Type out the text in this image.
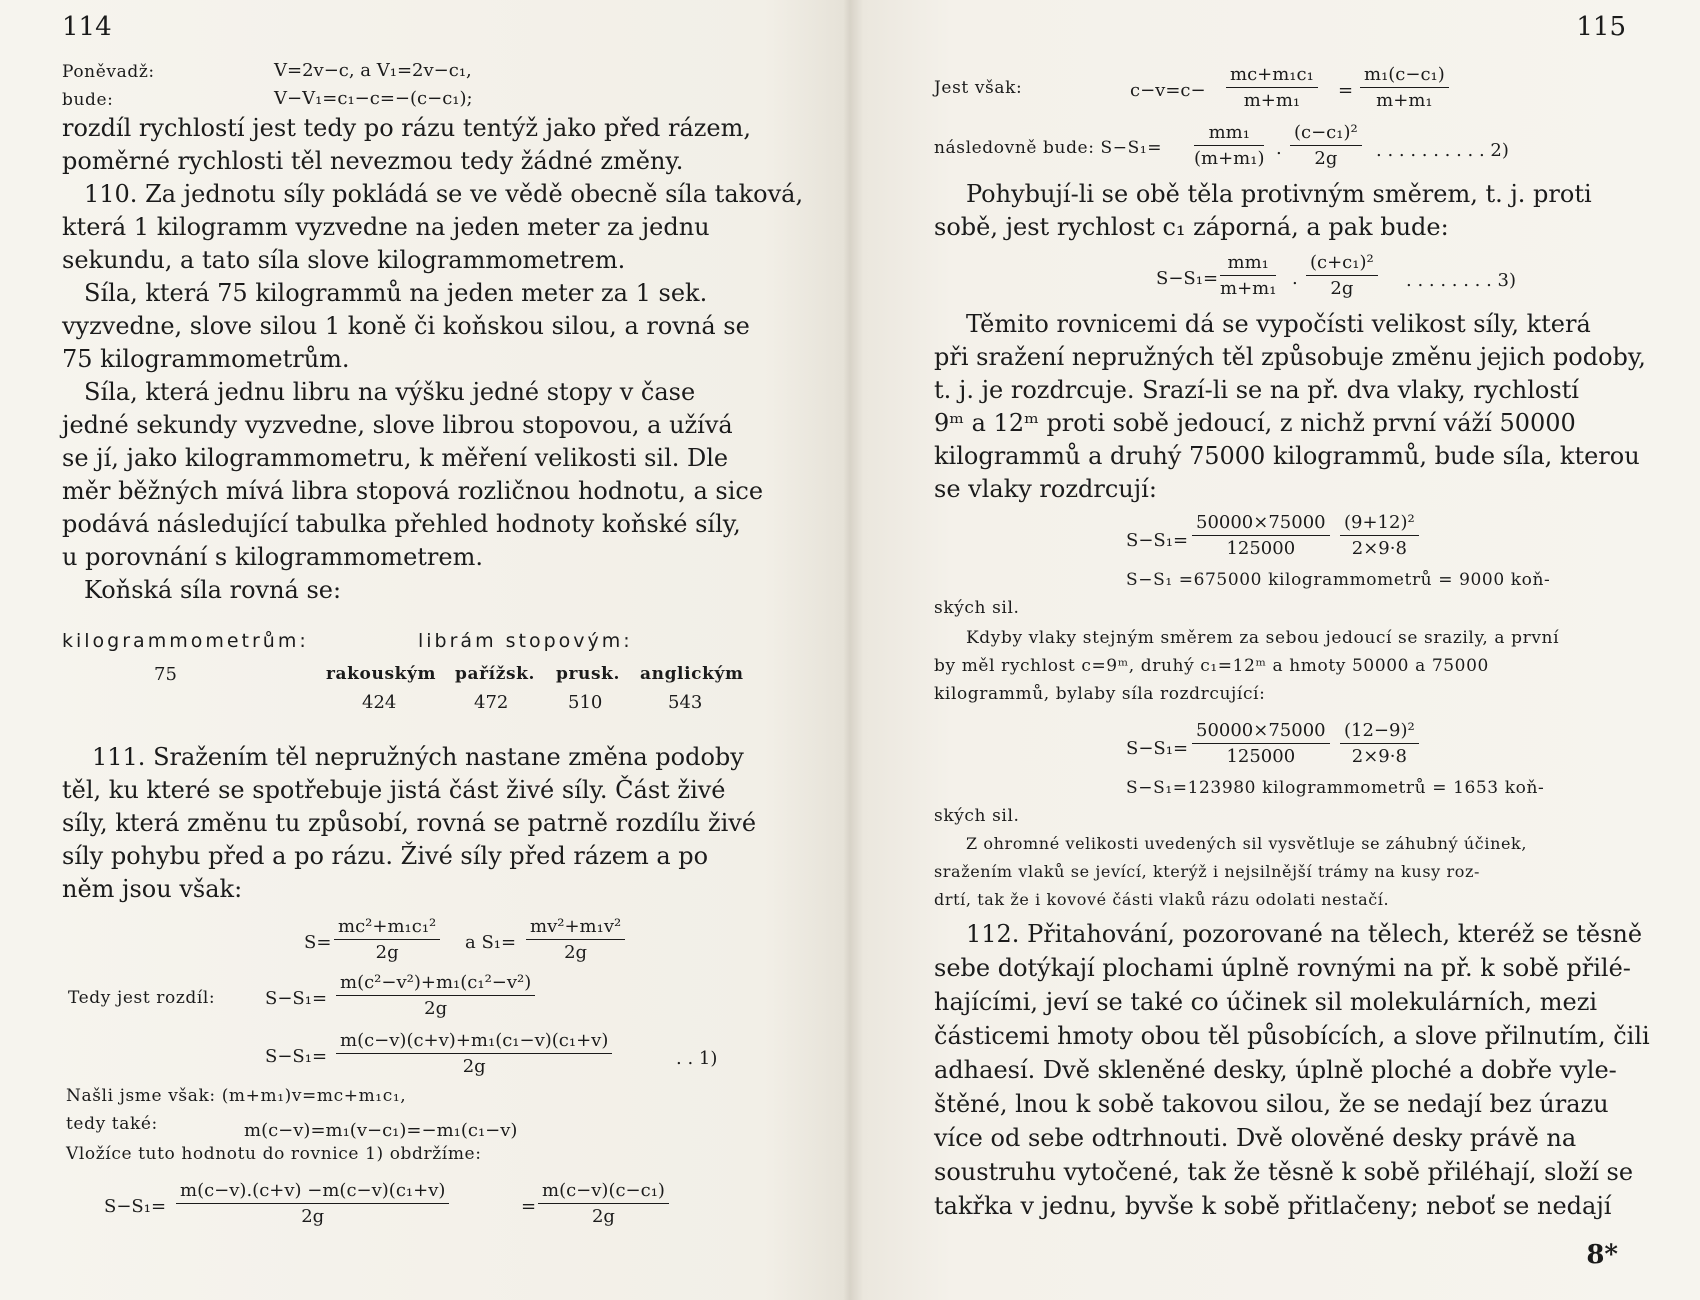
114
Poněvadž:	V=2v−c, a V₁=2v−c₁,
bude:	V−V₁=c₁−c=−(c−c₁);
rozdíl rychlostí jest tedy po rázu tentýž jako před rázem,
poměrné rychlosti těl nevezmou tedy žádné změny.
110. Za jednotu síly pokládá se ve vědě obecně síla taková,
která 1 kilogramm vyzvedne na jeden meter za jednu
sekundu, a tato síla slove kilogrammometrem.
Síla, která 75 kilogrammů na jeden meter za 1 sek.
vyzvedne, slove silou 1 koně či koňskou silou, a rovná se
75 kilogrammometrům.
Síla, která jednu libru na výšku jedné stopy v čase
jedné sekundy vyzvedne, slove librou stopovou, a užívá
se jí, jako kilogrammometru, k měření velikosti sil. Dle
měr běžných mívá libra stopová rozličnou hodnotu, a sice
podává následující tabulka přehled hodnoty koňské síly,
u porovnání s kilogrammometrem.
Koňská síla rovná se:
kilogrammometrům:	librám stopovým:
75	rakouským pařížsk. prusk. anglickým
424	472	510	543
111. Sražením těl nepružných nastane změna podoby
těl, ku které se spotřebuje jistá část živé síly. Část živé
síly, která změnu tu způsobí, rovná se patrně rozdílu živé
síly pohybu před a po rázu. Živé síly před rázem a po
něm jsou však:
$S= \frac{\text{mc²+m₁c₁²}}{2g}$ a $S_1= \frac{\text{mv²+m₁v²}}{2g}$
Tedy jest rozdíl:	$S-S_1= \frac{\text{m(c²−v²)+m₁(c₁²−v²)}}{2g}$
$S-S_1= \frac{\text{m(c−v)(c+v)+m₁(c₁−v)(c₁+v)}}{2g}$	. . 1)
Našli jsme však: (m+m₁)v=mc+m₁c₁,
tedy také:	m(c−v)=m₁(v−c₁)=−m₁(c₁−v)
Vložíce tuto hodnotu do rovnice 1) obdržíme:
$S-S_1= \frac{\text{m(c−v).(c+v) −m(c−v)(c₁+v)}}{2g}$	= $\frac{\text{m(c−v)(c−c₁)}}{2g}$
115
Jest však:	$c-v=c- \frac{\text{mc+m₁c₁}}{\text{m+m₁}} = \frac{\text{m₁(c−c₁)}}{\text{m+m₁}}$
následovně bude: $S-S_1= \frac{\text{mm₁}}{\text{(m+m₁)}}$ . $\frac{\text{(c−c₁)²}}{2g}$ . . . . . . . . . . 2)
Pohybují-li se obě těla protivným směrem, t. j. proti
sobě, jest rychlost c₁ záporná, a pak bude:
$S-S_1= \frac{\text{mm₁}}{\text{m+m₁}}$ . $\frac{\text{(c+c₁)²}}{2g}$ . . . . . . . . 3)
Těmito rovnicemi dá se vypočísti velikost síly, která
při sražení nepružných těl způsobuje změnu jejich podoby,
t. j. je rozdrcuje. Srazí-li se na př. dva vlaky, rychlostí
9ᵐ a 12ᵐ proti sobě jedoucí, z nichž první váží 50000
kilogrammů a druhý 75000 kilogrammů, bude síla, kterou
se vlaky rozdrcují:
$S-S_1= \frac{50000\times 75000}{125000} \frac{\text{(9+12)²}}{2\times 9\cdot 8}$
S−S₁ =675000 kilogrammometrů = 9000 koň-
ských sil.
Kdyby vlaky stejným směrem za sebou jedoucí se srazily, a první
by měl rychlost c=9ᵐ, druhý c₁=12ᵐ a hmoty 50000 a 75000
kilogrammů, bylaby síla rozdrcující:
$S-S_1= \frac{50000\times 75000}{125000} \frac{\text{(12−9)²}}{2\times 9\cdot 8}$
S−S₁=123980 kilogrammometrů = 1653 koň-
ských sil.
Z ohromné velikosti uvedených sil vysvětluje se záhubný účinek,
sražením vlaků se jevící, kterýž i nejsilnější trámy na kusy roz-
drtí, tak že i kovové části vlaků rázu odolati nestačí.
112. Přitahování, pozorované na tělech, kteréž se těsně
sebe dotýkají plochami úplně rovnými na př. k sobě přilé-
hajícími, jeví se také co účinek sil molekulárních, mezi
částicemi hmoty obou těl působících, a slove přilnutím, čili
adhaesí. Dvě skleněné desky, úplně ploché a dobře vyle-
štěné, lnou k sobě takovou silou, že se nedají bez úrazu
více od sebe odtrhnouti. Dvě olověné desky právě na
soustruhu vytočené, tak že těsně k sobě přiléhají, složí se
takřka v jednu, byvše k sobě přitlačeny; neboť se nedají
8*
